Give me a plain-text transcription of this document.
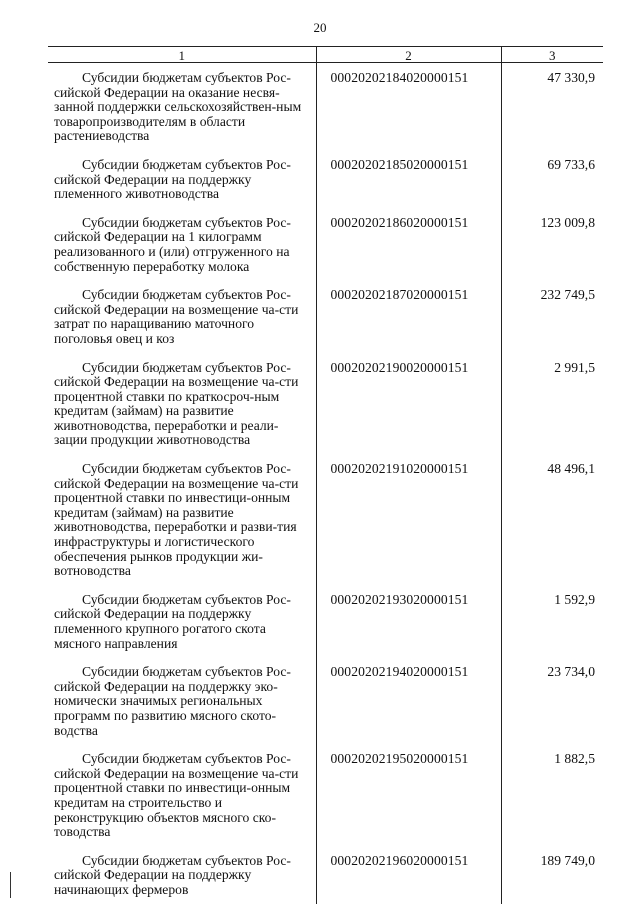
20
1	2	3

Субсидии бюджетам субъектов Рос-сийской Федерации на оказание несвя-занной поддержки сельскохозяйствен-ным товаропроизводителям в области растениеводства	00020202184020000151	47 330,9

Субсидии бюджетам субъектов Рос-сийской Федерации на поддержку племенного животноводства	00020202185020000151	69 733,6

Субсидии бюджетам субъектов Рос-сийской Федерации на 1 килограмм реализованного и (или) отгруженного на собственную переработку молока	00020202186020000151	123 009,8

Субсидии бюджетам субъектов Рос-сийской Федерации на возмещение ча-сти затрат по наращиванию маточного поголовья овец и коз	00020202187020000151	232 749,5

Субсидии бюджетам субъектов Рос-сийской Федерации на возмещение ча-сти процентной ставки по краткосроч-ным кредитам (займам) на развитие животноводства, переработки и реали-зации продукции животноводства	00020202190020000151	2 991,5

Субсидии бюджетам субъектов Рос-сийской Федерации на возмещение ча-сти процентной ставки по инвестици-онным кредитам (займам) на развитие животноводства, переработки и разви-тия инфраструктуры и логистического обеспечения рынков продукции жи-вотноводства	00020202191020000151	48 496,1

Субсидии бюджетам субъектов Рос-сийской Федерации на поддержку племенного крупного рогатого скота мясного направления	00020202193020000151	1 592,9

Субсидии бюджетам субъектов Рос-сийской Федерации на поддержку эко-номически значимых региональных программ по развитию мясного ското-водства	00020202194020000151	23 734,0

Субсидии бюджетам субъектов Рос-сийской Федерации на возмещение ча-сти процентной ставки по инвестици-онным кредитам на строительство и реконструкцию объектов мясного ско-товодства	00020202195020000151	1 882,5

Субсидии бюджетам субъектов Рос-сийской Федерации на поддержку начинающих фермеров	00020202196020000151	189 749,0
